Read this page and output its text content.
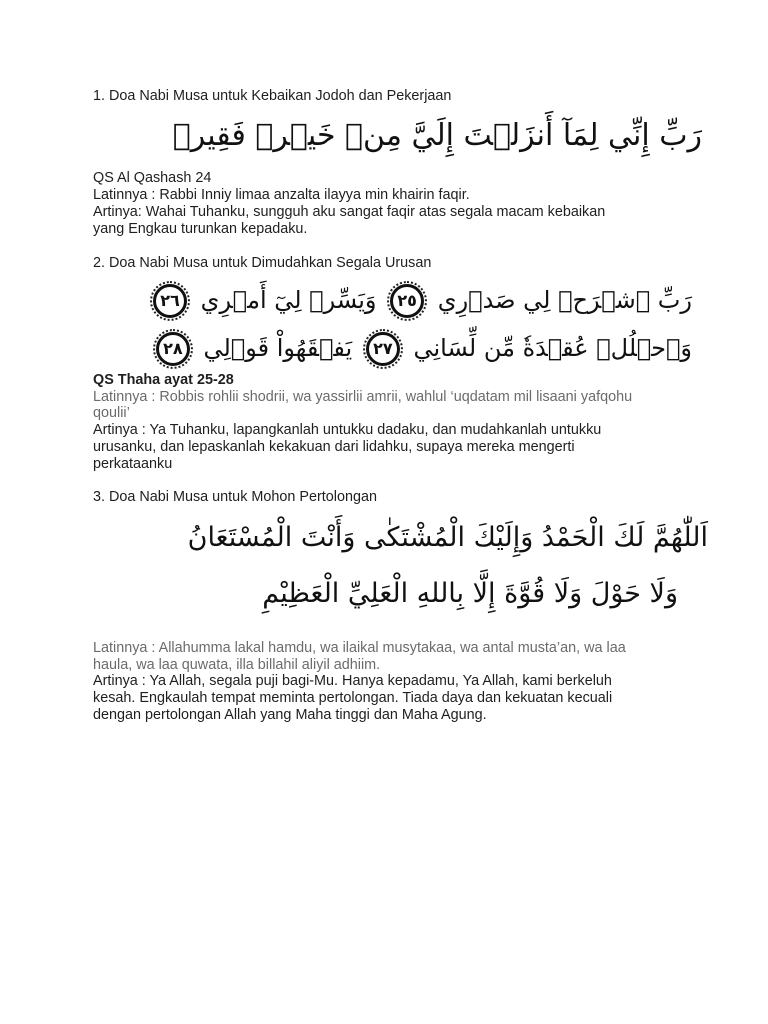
1. Doa Nabi Musa untuk Kebaikan Jodoh dan Pekerjaan
رَبِّ إِنِّي لِمَآ أَنزَلۡتَ إِلَيَّ مِنۡ خَيۡرٖ فَقِيرٞ
QS Al Qashash 24
Latinnya : Rabbi Inniy limaa anzalta ilayya min khairin faqir.
Artinya: Wahai Tuhanku, sungguh aku sangat faqir atas segala macam kebaikan
yang Engkau turunkan kepadaku.
2. Doa Nabi Musa untuk Dimudahkan Segala Urusan
رَبِّ ٱشۡرَحۡ لِي صَدۡرِي ٢٥ وَيَسِّرۡ لِيٓ أَمۡرِي ٢٦
وَٱحۡلُلۡ عُقۡدَةٗ مِّن لِّسَانِي ٢٧ يَفۡقَهُواْ قَوۡلِي ٢٨
QS Thaha ayat 25-28
Latinnya : Robbis rohlii shodrii, wa yassirlii amrii, wahlul ‘uqdatam mil lisaani yafqohu
qoulii’
Artinya : Ya Tuhanku, lapangkanlah untukku dadaku, dan mudahkanlah untukku
urusanku, dan lepaskanlah kekakuan dari lidahku, supaya mereka mengerti
perkataanku
3. Doa Nabi Musa untuk Mohon Pertolongan
اَللّٰهُمَّ لَكَ الْحَمْدُ وَإِلَيْكَ الْمُشْتَكٰى وَأَنْتَ الْمُسْتَعَانُ
وَلَا حَوْلَ وَلَا قُوَّةَ إِلَّا بِاللهِ الْعَلِيِّ الْعَظِيْمِ
Latinnya : Allahumma lakal hamdu, wa ilaikal musytakaa, wa antal musta’an, wa laa
haula, wa laa quwata, illa billahil aliyil adhiim.
Artinya : Ya Allah, segala puji bagi-Mu. Hanya kepadamu, Ya Allah, kami berkeluh
kesah. Engkaulah tempat meminta pertolongan. Tiada daya dan kekuatan kecuali
dengan pertolongan Allah yang Maha tinggi dan Maha Agung.
